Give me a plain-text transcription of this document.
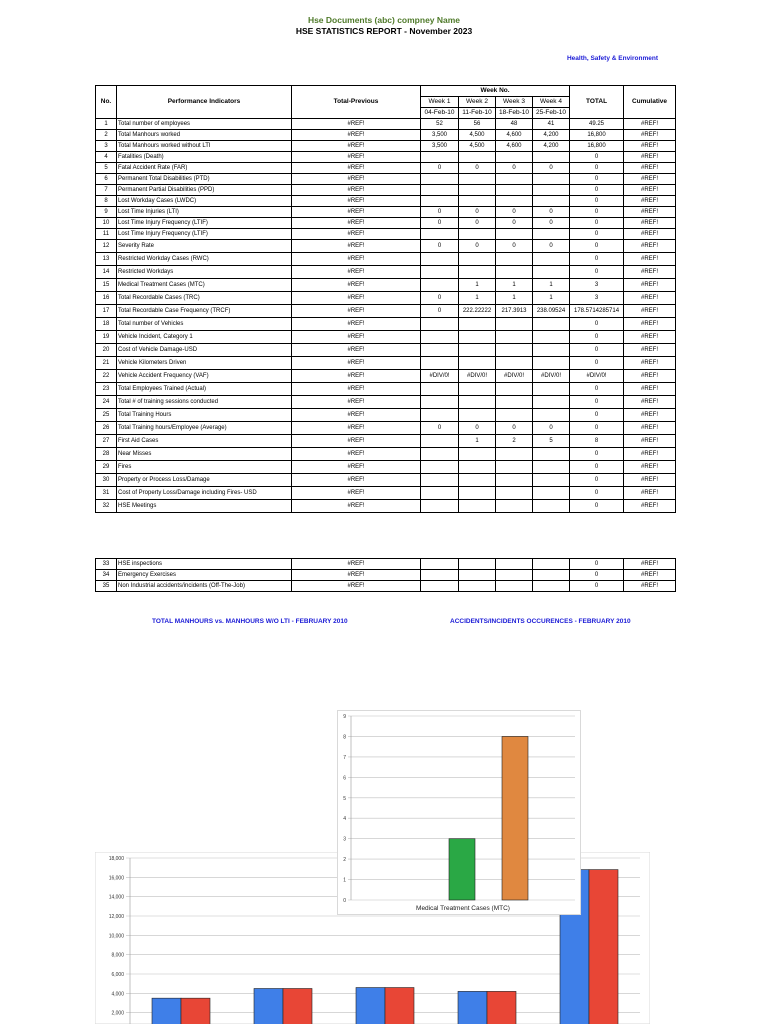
Hse Documents (abc) compney Name
HSE STATISTICS REPORT - November 2023
Health, Safety & Environment
No.	Performance Indicators	Total-Previous	Week No.				TOTAL	Cumulative
			Week 1	Week 2	Week 3	Week 4		
			04-Feb-10	11-Feb-10	18-Feb-10	25-Feb-10		
1	Total number of employees	#REF!	52	56	48	41	49.25	#REF!
2	Total Manhours worked	#REF!	3,500	4,500	4,600	4,200	16,800	#REF!
3	Total Manhours worked without LTI	#REF!	3,500	4,500	4,600	4,200	16,800	#REF!
4	Fatalities (Death)	#REF!					0	#REF!
5	Fatal Accident Rate (FAR)	#REF!	0	0	0	0	0	#REF!
6	Permanent Total Disabilities (PTD)	#REF!					0	#REF!
7	Permanent Partial Disabilities (PPD)	#REF!					0	#REF!
8	Lost Workday Cases (LWDC)	#REF!					0	#REF!
9	Lost Time Injuries (LTI)	#REF!	0	0	0	0	0	#REF!
10	Lost Time Injury Frequency (LTIF)	#REF!	0	0	0	0	0	#REF!
11	Lost Time Injury Frequency (LTIF)	#REF!					0	#REF!
12	Severity Rate	#REF!	0	0	0	0	0	#REF!
13	Restricted Workday Cases (RWC)	#REF!					0	#REF!
14	Restricted Workdays	#REF!					0	#REF!
15	Medical Treatment Cases (MTC)	#REF!		1	1	1	3	#REF!
16	Total Recordable Cases (TRC)	#REF!	0	1	1	1	3	#REF!
17	Total Recordable Case Frequency (TRCF)	#REF!	0	222.22222	217.3913	238.09524	178.5714285714	#REF!
18	Total number of Vehicles	#REF!					0	#REF!
19	Vehicle Incident, Category 1	#REF!					0	#REF!
20	Cost of Vehicle Damage-USD	#REF!					0	#REF!
21	Vehicle Kilometers Driven	#REF!					0	#REF!
22	Vehicle Accident Frequency (VAF)	#REF!	#DIV/0!	#DIV/0!	#DIV/0!	#DIV/0!	#DIV/0!	#REF!
23	Total Employees Trained (Actual)	#REF!					0	#REF!
24	Total # of training sessions conducted	#REF!					0	#REF!
25	Total Training Hours	#REF!					0	#REF!
26	Total Training hours/Employee (Average)	#REF!	0	0	0	0	0	#REF!
27	First Aid Cases	#REF!		1	2	5	8	#REF!
28	Near Misses	#REF!					0	#REF!
29	Fires	#REF!					0	#REF!
30	Property or Process Loss/Damage	#REF!					0	#REF!
31	Cost of Property Loss/Damage including Fires- USD	#REF!					0	#REF!
32	HSE Meetings	#REF!					0	#REF!
33	HSE inspections	#REF!					0	#REF!
34	Emergency Exercises	#REF!					0	#REF!
35	Non Industrial accidents/incidents (Off-The-Job)	#REF!					0	#REF!
TOTAL MANHOURS vs. MANHOURS W/O LTI - FEBRUARY 2010	ACCIDENTS/INCIDENTS OCCURENCES - FEBRUARY 2010
18,000
16,000
14,000
12,000
10,000
8,000
6,000
4,000
2,000
9
8
7
6
5
4
3
2
1
0
Medical Treatment Cases (MTC)
